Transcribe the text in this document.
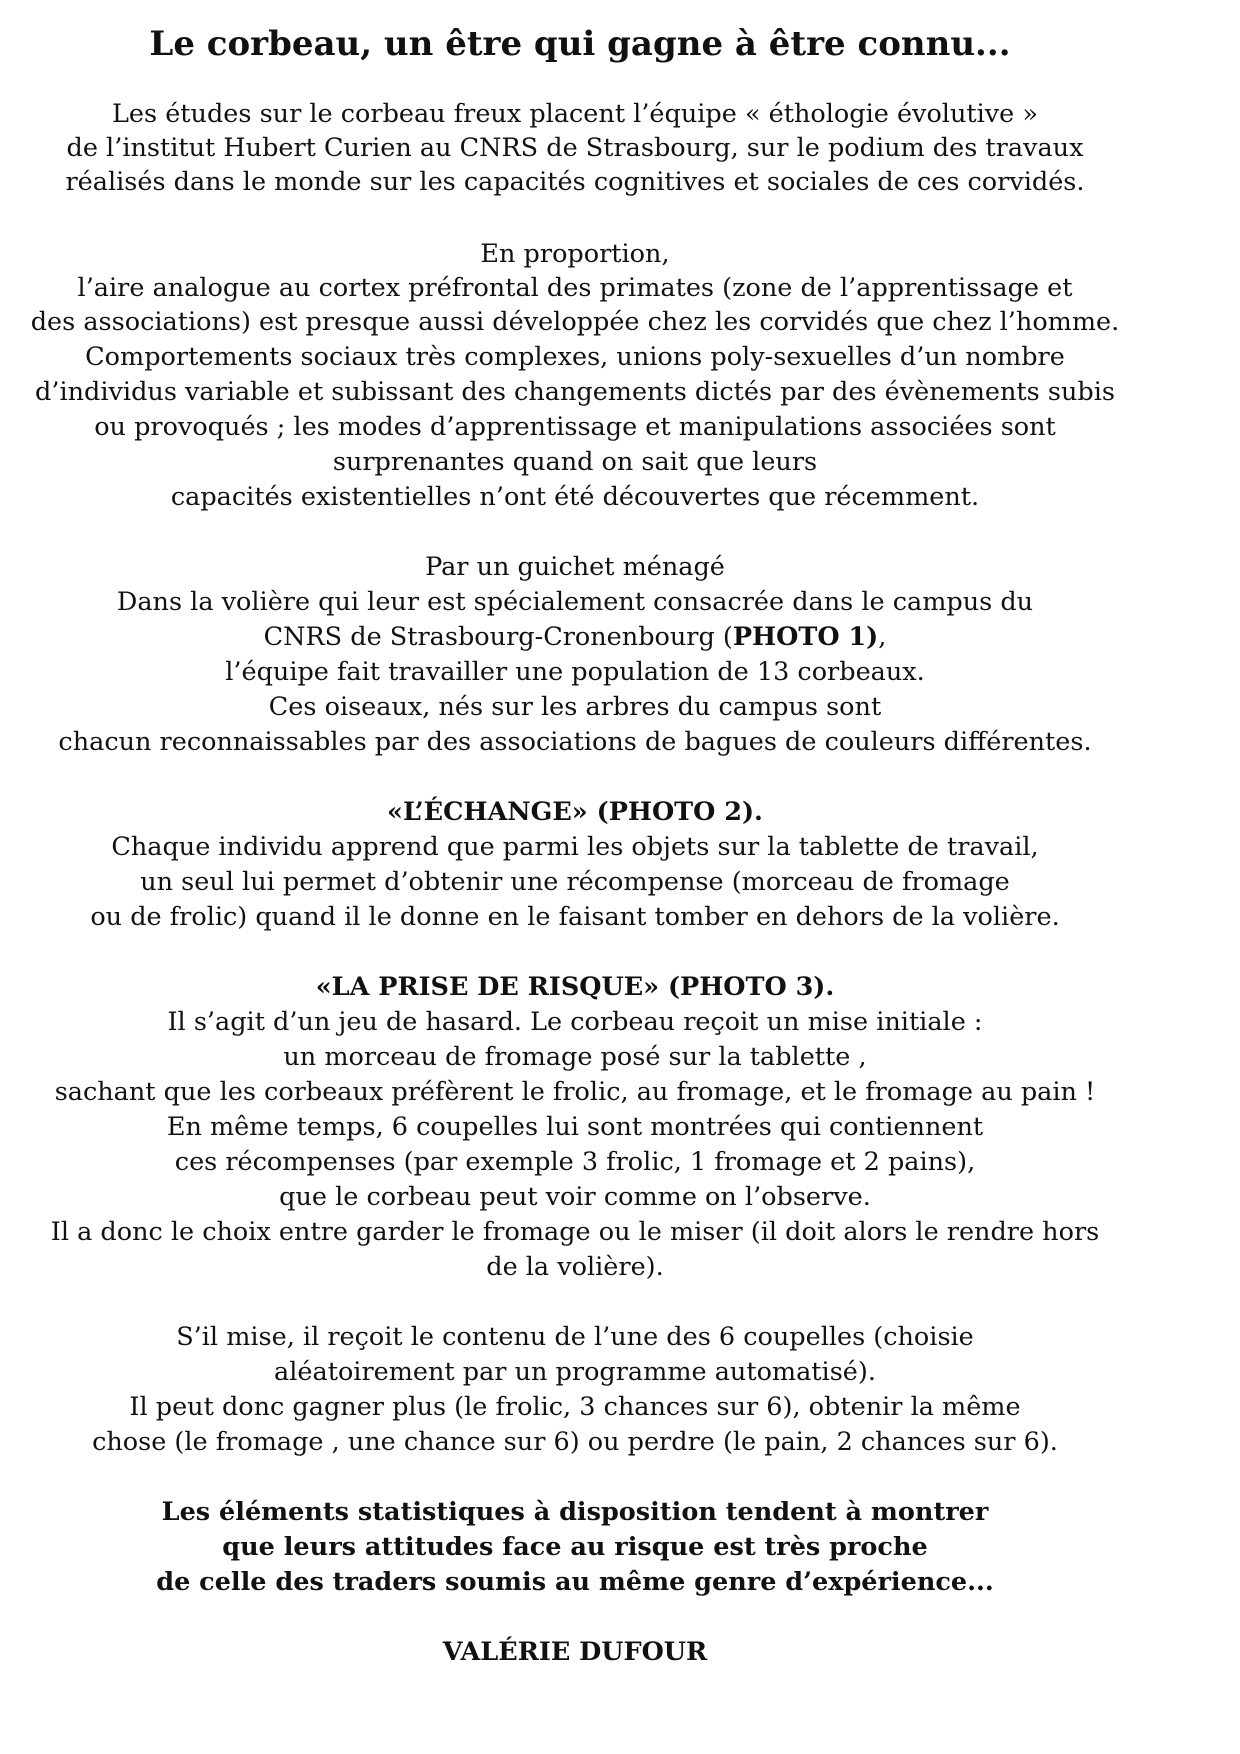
Le corbeau, un être qui gagne à être connu...
Les études sur le corbeau freux placent l’équipe « éthologie évolutive »
de l’institut Hubert Curien au CNRS de Strasbourg, sur le podium des travaux
réalisés dans le monde sur les capacités cognitives et sociales de ces corvidés.
En proportion,
l’aire analogue au cortex préfrontal des primates (zone de l’apprentissage et
des associations) est presque aussi développée chez les corvidés que chez l’homme.
Comportements sociaux très complexes, unions poly-sexuelles d’un nombre
d’individus variable et subissant des changements dictés par des évènements subis
ou provoqués ; les modes d’apprentissage et manipulations associées sont
surprenantes quand on sait que leurs
capacités existentielles n’ont été découvertes que récemment.
Par un guichet ménagé
Dans la volière qui leur est spécialement consacrée dans le campus du
CNRS de Strasbourg-Cronenbourg (PHOTO 1),
l’équipe fait travailler une population de 13 corbeaux.
Ces oiseaux, nés sur les arbres du campus sont
chacun reconnaissables par des associations de bagues de couleurs différentes.
«L’ÉCHANGE» (PHOTO 2).
Chaque individu apprend que parmi les objets sur la tablette de travail,
un seul lui permet d’obtenir une récompense (morceau de fromage
ou de frolic) quand il le donne en le faisant tomber en dehors de la volière.
«LA PRISE DE RISQUE» (PHOTO 3).
Il s’agit d’un jeu de hasard. Le corbeau reçoit un mise initiale :
un morceau de fromage posé sur la tablette ,
sachant que les corbeaux préfèrent le frolic, au fromage, et le fromage au pain !
En même temps, 6 coupelles lui sont montrées qui contiennent
ces récompenses (par exemple 3 frolic, 1 fromage et 2 pains),
que le corbeau peut voir comme on l’observe.
Il a donc le choix entre garder le fromage ou le miser (il doit alors le rendre hors
de la volière).
S’il mise, il reçoit le contenu de l’une des 6 coupelles (choisie
aléatoirement par un programme automatisé).
Il peut donc gagner plus (le frolic, 3 chances sur 6), obtenir la même
chose (le fromage , une chance sur 6) ou perdre (le pain, 2 chances sur 6).
Les éléments statistiques à disposition tendent à montrer
que leurs attitudes face au risque est très proche
de celle des traders soumis au même genre d’expérience...
VALÉRIE DUFOUR
